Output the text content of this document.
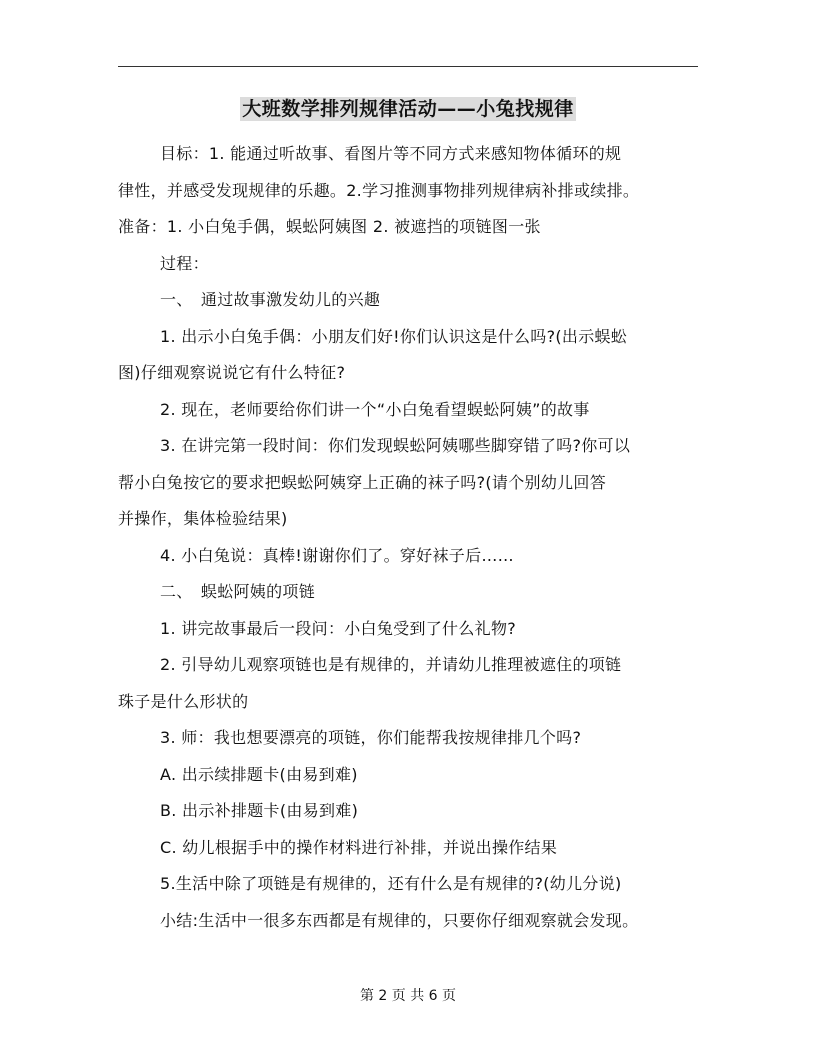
大班数学排列规律活动——小兔找规律

目标：1. 能通过听故事、看图片等不同方式来感知物体循环的规

律性，并感受发现规律的乐趣。2.学习推测事物排列规律病补排或续排。

准备：1. 小白兔手偶，蜈蚣阿姨图 2. 被遮挡的项链图一张

过程：

一、　通过故事激发幼儿的兴趣

1. 出示小白兔手偶：小朋友们好!你们认识这是什么吗?(出示蜈蚣

图)仔细观察说说它有什么特征?

2. 现在，老师要给你们讲一个“小白兔看望蜈蚣阿姨”的故事

3. 在讲完第一段时间：你们发现蜈蚣阿姨哪些脚穿错了吗?你可以

帮小白兔按它的要求把蜈蚣阿姨穿上正确的袜子吗?(请个别幼儿回答

并操作，集体检验结果)

4. 小白兔说：真棒!谢谢你们了。穿好袜子后……

二、　蜈蚣阿姨的项链

1. 讲完故事最后一段问：小白兔受到了什么礼物?

2. 引导幼儿观察项链也是有规律的，并请幼儿推理被遮住的项链

珠子是什么形状的

3. 师：我也想要漂亮的项链，你们能帮我按规律排几个吗?

A. 出示续排题卡(由易到难)

B. 出示补排题卡(由易到难)

C. 幼儿根据手中的操作材料进行补排，并说出操作结果

5.生活中除了项链是有规律的，还有什么是有规律的?(幼儿分说)

小结:生活中一很多东西都是有规律的，只要你仔细观察就会发现。

第 2 页 共 6 页
